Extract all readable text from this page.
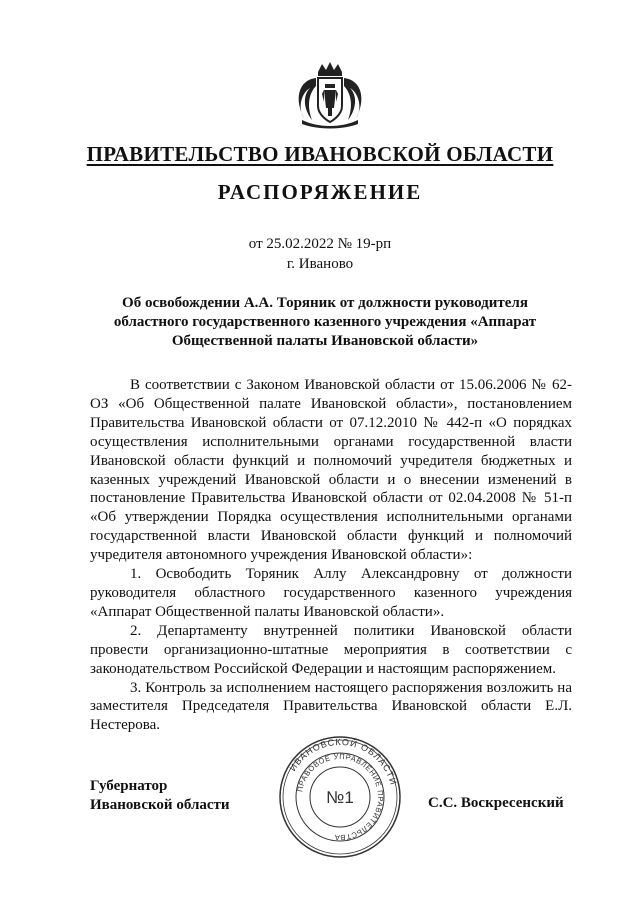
ПРАВИТЕЛЬСТВО ИВАНОВСКОЙ ОБЛАСТИ
РАСПОРЯЖЕНИЕ
от 25.02.2022 № 19-рп
г. Иваново
Об освобождении А.А. Торяник от должности руководителя областного государственного казенного учреждения «Аппарат Общественной палаты Ивановской области»

В соответствии с Законом Ивановской области от 15.06.2006 № 62-ОЗ «Об Общественной палате Ивановской области», постановлением Правительства Ивановской области от 07.12.2010 № 442-п «О порядках осуществления исполнительными органами государственной власти Ивановской области функций и полномочий учредителя бюджетных и казенных учреждений Ивановской области и о внесении изменений в постановление Правительства Ивановской области от 02.04.2008 № 51-п «Об утверждении Порядка осуществления исполнительными органами государственной власти Ивановской области функций и полномочий учредителя автономного учреждения Ивановской области»:

1. Освободить Торяник Аллу Александровну от должности руководителя областного государственного казенного учреждения «Аппарат Общественной палаты Ивановской области».

2. Департаменту внутренней политики Ивановской области провести организационно-штатные мероприятия в соответствии с законодательством Российской Федерации и настоящим распоряжением.

3. Контроль за исполнением настоящего распоряжения возложить на заместителя Председателя Правительства Ивановской области Е.Л. Нестерова.

ИВАНОВСКОЙ ОБЛАСТИ
ПРАВОВОЕ УПРАВЛЕНИЕ ПРАВИТЕЛЬСТВА
№1
Губернатор
Ивановской области	С.С. Воскресенский
